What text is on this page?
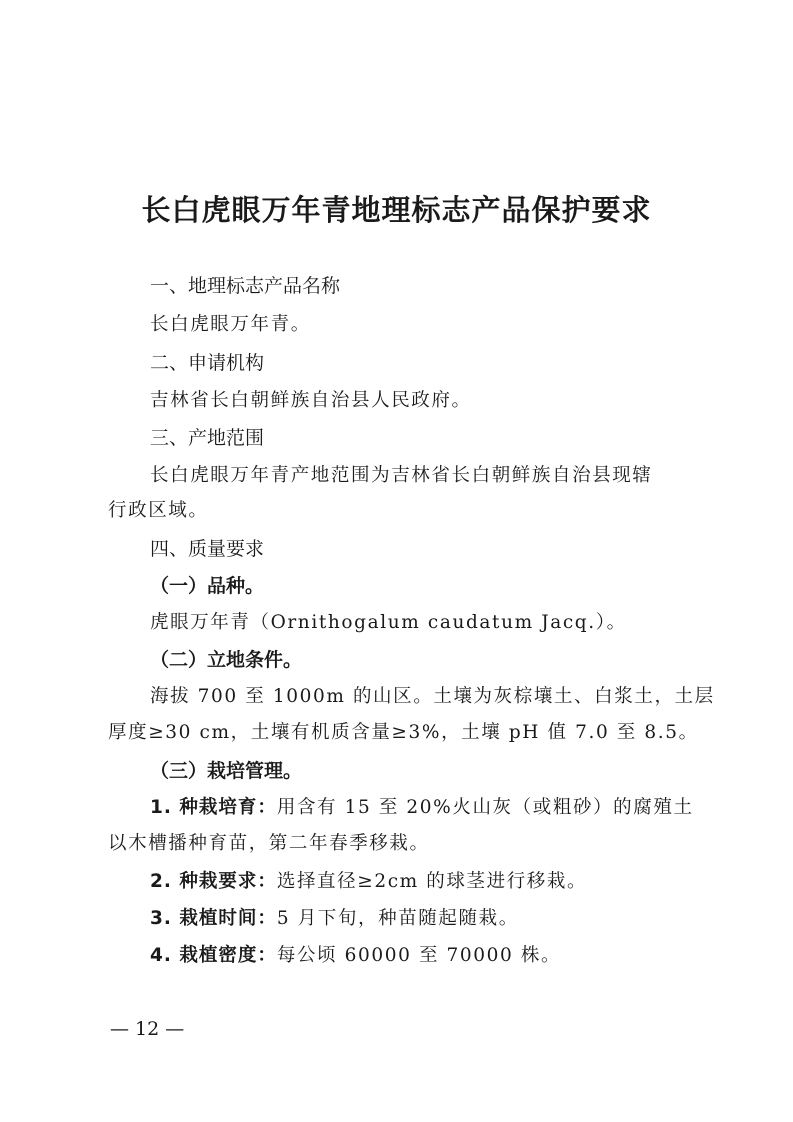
长白虎眼万年青地理标志产品保护要求
一、地理标志产品名称
长白虎眼万年青。
二、申请机构
吉林省长白朝鲜族自治县人民政府。
三、产地范围
长白虎眼万年青产地范围为吉林省长白朝鲜族自治县现辖
行政区域。
四、质量要求
（一）品种。
虎眼万年青（Ornithogalum caudatum Jacq.）。
（二）立地条件。
海拔 700 至 1000m 的山区。土壤为灰棕壤土、白浆土，土层
厚度≥30 cm，土壤有机质含量≥3%，土壤 pH 值 7.0 至 8.5。
（三）栽培管理。
1. 种栽培育：用含有 15 至 20%火山灰（或粗砂）的腐殖土
以木槽播种育苗，第二年春季移栽。
2. 种栽要求：选择直径≥2cm 的球茎进行移栽。
3. 栽植时间：5 月下旬，种苗随起随栽。
4. 栽植密度：每公顷 60000 至 70000 株。
— 12 —
